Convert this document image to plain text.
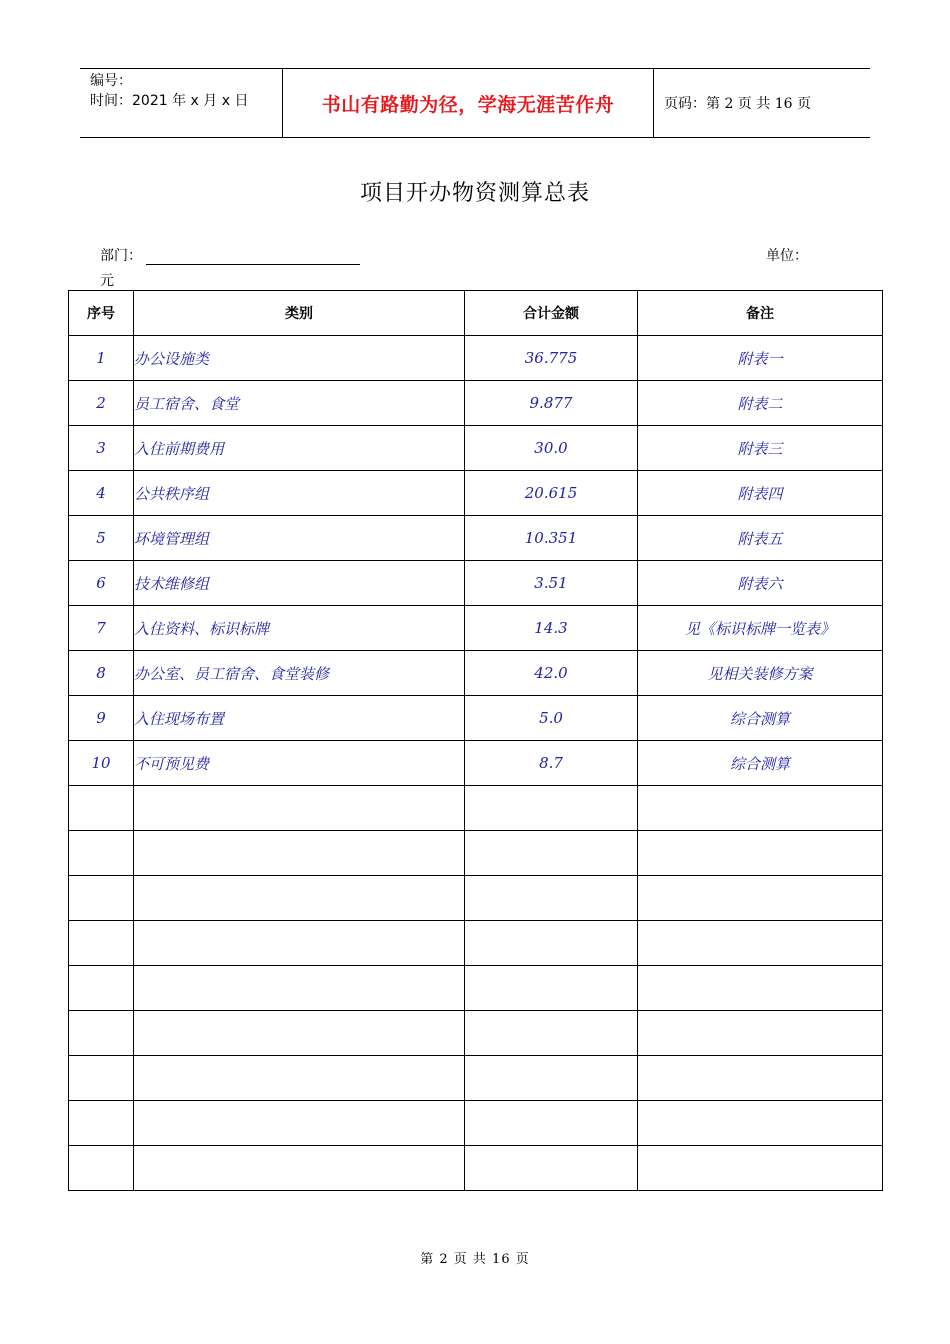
编号：
时间：2021 年 x 月 x 日	书山有路勤为径，学海无涯苦作舟	页码：第 2 页 共 16 页
项目开办物资测算总表
部门：	单位：
元
序号	类别	合计金额	备注
1	办公设施类	36.775	附表一
2	员工宿舍、食堂	9.877	附表二
3	入住前期费用	30.0	附表三
4	公共秩序组	20.615	附表四
5	环境管理组	10.351	附表五
6	技术维修组	3.51	附表六
7	入住资料、标识标牌	14.3	见《标识标牌一览表》
8	办公室、员工宿舍、食堂装修	42.0	见相关装修方案
9	入住现场布置	5.0	综合测算
10	不可预见费	8.7	综合测算

第 2 页 共 16 页
